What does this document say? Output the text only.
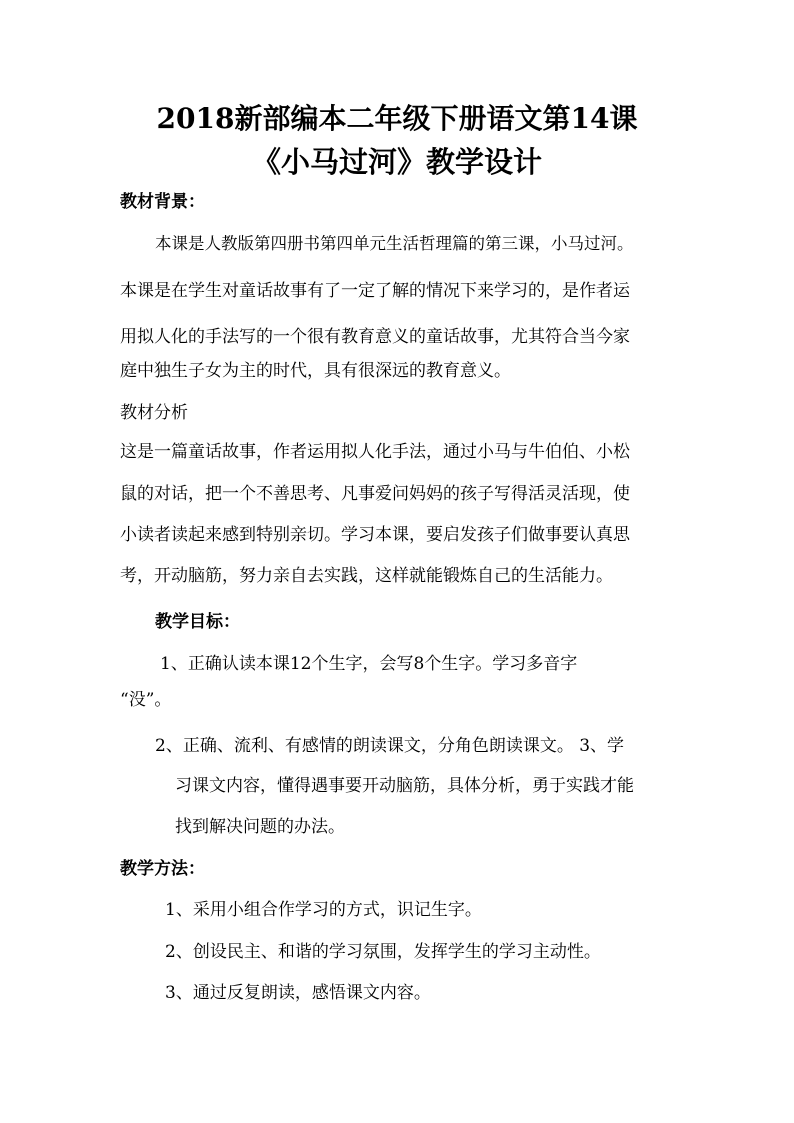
2018新部编本二年级下册语文第14课
《小马过河》教学设计
教材背景：
本课是人教版第四册书第四单元生活哲理篇的第三课，小马过河。
本课是在学生对童话故事有了一定了解的情况下来学习的，是作者运
用拟人化的手法写的一个很有教育意义的童话故事，尤其符合当今家
庭中独生子女为主的时代，具有很深远的教育意义。
教材分析
这是一篇童话故事，作者运用拟人化手法，通过小马与牛伯伯、小松
鼠的对话，把一个不善思考、凡事爱问妈妈的孩子写得活灵活现，使
小读者读起来感到特别亲切。学习本课，要启发孩子们做事要认真思
考，开动脑筋，努力亲自去实践，这样就能锻炼自己的生活能力。
教学目标：
1、正确认读本课12个生字，会写8个生字。学习多音字
“没”。
2、正确、流利、有感情的朗读课文，分角色朗读课文。 3、学
习课文内容，懂得遇事要开动脑筋，具体分析，勇于实践才能
找到解决问题的办法。
教学方法：
1、采用小组合作学习的方式，识记生字。
2、创设民主、和谐的学习氛围，发挥学生的学习主动性。
3、通过反复朗读，感悟课文内容。
